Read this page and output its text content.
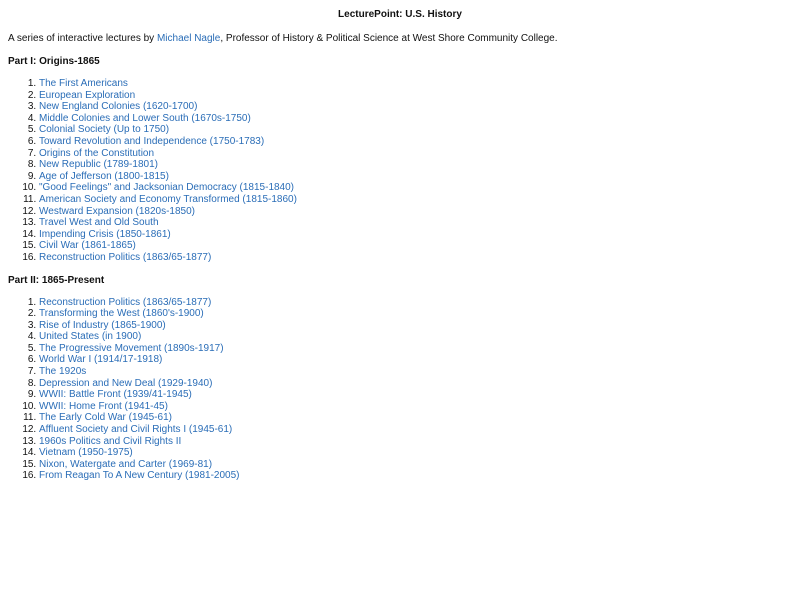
LecturePoint: U.S. History
A series of interactive lectures by Michael Nagle, Professor of History & Political Science at West Shore Community College.
Part I: Origins-1865
1. The First Americans
2. European Exploration
3. New England Colonies (1620-1700)
4. Middle Colonies and Lower South (1670s-1750)
5. Colonial Society (Up to 1750)
6. Toward Revolution and Independence (1750-1783)
7. Origins of the Constitution
8. New Republic (1789-1801)
9. Age of Jefferson (1800-1815)
10. "Good Feelings" and Jacksonian Democracy (1815-1840)
11. American Society and Economy Transformed (1815-1860)
12. Westward Expansion (1820s-1850)
13. Travel West and Old South
14. Impending Crisis (1850-1861)
15. Civil War (1861-1865)
16. Reconstruction Politics (1863/65-1877)
Part II: 1865-Present
1. Reconstruction Politics (1863/65-1877)
2. Transforming the West (1860's-1900)
3. Rise of Industry (1865-1900)
4. United States (in 1900)
5. The Progressive Movement (1890s-1917)
6. World War I (1914/17-1918)
7. The 1920s
8. Depression and New Deal (1929-1940)
9. WWII: Battle Front (1939/41-1945)
10. WWII: Home Front (1941-45)
11. The Early Cold War (1945-61)
12. Affluent Society and Civil Rights I (1945-61)
13. 1960s Politics and Civil Rights II
14. Vietnam (1950-1975)
15. Nixon, Watergate and Carter (1969-81)
16. From Reagan To A New Century (1981-2005)
